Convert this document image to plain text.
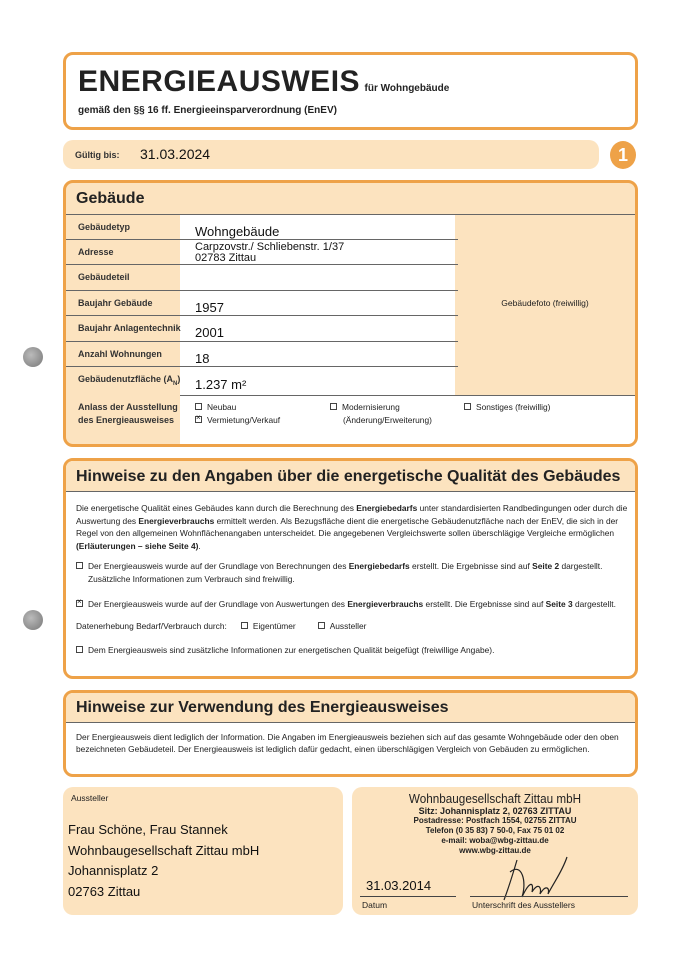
ENERGIEAUSWEIS für Wohngebäude
gemäß den §§ 16 ff. Energieeinsparverordnung (EnEV)
Gültig bis: 31.03.2024	1
Gebäude
Gebäudefoto (freiwillig)
Gebäudetyp	Wohngebäude
Adresse	Carpzovstr./ Schliebenstr. 1/37
02783 Zittau
Gebäudeteil
Baujahr Gebäude	1957
Baujahr Anlagentechnik 2001
Anzahl Wohnungen	18
Gebäudenutzfläche $(A_N)$ 1.237 m²
Anlass der Ausstellung
des Energieausweises
Neubau
×Vermietung/Verkauf
Modernisierung
(Änderung/Erweiterung)
Sonstiges (freiwillig)
Hinweise zu den Angaben über die energetische Qualität des Gebäudes
Die energetische Qualität eines Gebäudes kann durch die Berechnung des Energiebedarfs unter standardisierten Randbedingungen oder durch die Auswertung des Energieverbrauchs ermittelt werden. Als Bezugsfläche dient die energetische Gebäudenutzfläche nach der EnEV, die sich in der Regel von den allgemeinen Wohnflächenangaben unterscheidet. Die angegebenen Vergleichswerte sollen überschlägige Vergleiche ermöglichen (Erläuterungen – siehe Seite 4).
Der Energieausweis wurde auf der Grundlage von Berechnungen des Energiebedarfs erstellt. Die Ergebnisse sind auf Seite 2 dargestellt. Zusätzliche Informationen zum Verbrauch sind freiwillig.
×Der Energieausweis wurde auf der Grundlage von Auswertungen des Energieverbrauchs erstellt. Die Ergebnisse sind auf Seite 3 dargestellt.
Datenerhebung Bedarf/Verbrauch durch:	Eigentümer	Aussteller
Dem Energieausweis sind zusätzliche Informationen zur energetischen Qualität beigefügt (freiwillige Angabe).
Hinweise zur Verwendung des Energieausweises
Der Energieausweis dient lediglich der Information. Die Angaben im Energieausweis beziehen sich auf das gesamte Wohngebäude oder den oben bezeichneten Gebäudeteil. Der Energieausweis ist lediglich dafür gedacht, einen überschlägigen Vergleich von Gebäuden zu ermöglichen.
Aussteller
Frau Schöne, Frau Stannek
Wohnbaugesellschaft Zittau mbH
Johannisplatz 2
02763 Zittau
Wohnbaugesellschaft Zittau mbH
Sitz: Johannisplatz 2, 02763 ZITTAU
Postadresse: Postfach 1554, 02755 ZITTAU
Telefon (0 35 83) 7 50-0, Fax 75 01 02
e-mail: woba@wbg-zittau.de
www.wbg-zittau.de
31.03.2014
Datum	Unterschrift des Ausstellers
